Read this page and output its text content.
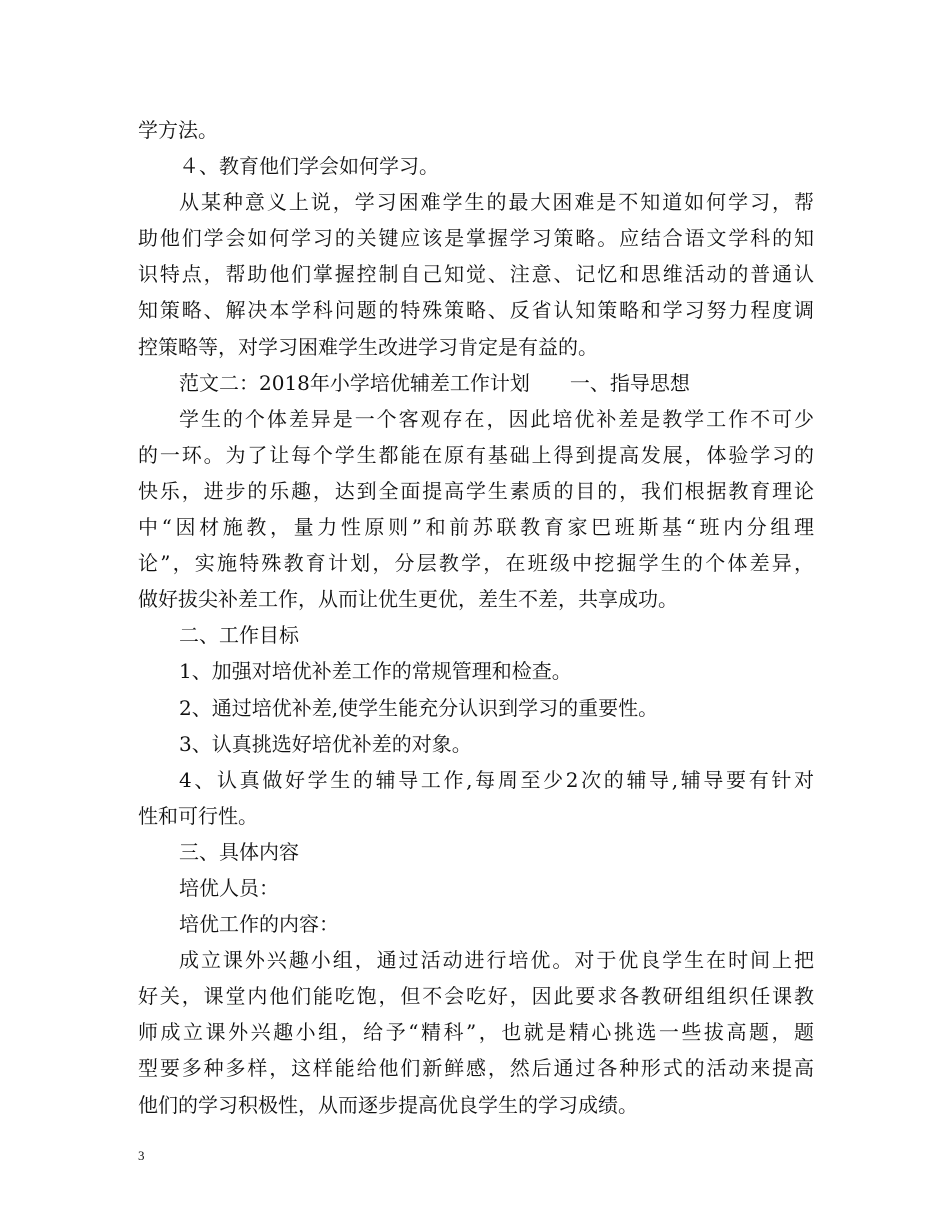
学方法。
４、教育他们学会如何学习。
从某种意义上说，学习困难学生的最大困难是不知道如何学习，帮
助他们学会如何学习的关键应该是掌握学习策略。应结合语文学科的知
识特点，帮助他们掌握控制自己知觉、注意、记忆和思维活动的普通认
知策略、解决本学科问题的特殊策略、反省认知策略和学习努力程度调
控策略等，对学习困难学生改进学习肯定是有益的。
范文二：2018年小学培优辅差工作计划　　一、指导思想
学生的个体差异是一个客观存在，因此培优补差是教学工作不可少
的一环。为了让每个学生都能在原有基础上得到提高发展，体验学习的
快乐，进步的乐趣，达到全面提高学生素质的目的，我们根据教育理论
中“因材施教，量力性原则”和前苏联教育家巴班斯基“班内分组理
论”，实施特殊教育计划，分层教学，在班级中挖掘学生的个体差异，
做好拔尖补差工作，从而让优生更优，差生不差，共享成功。
二、工作目标
1、加强对培优补差工作的常规管理和检查。
2、通过培优补差,使学生能充分认识到学习的重要性。
3、认真挑选好培优补差的对象。
4、认真做好学生的辅导工作,每周至少2次的辅导,辅导要有针对
性和可行性。
三、具体内容
培优人员：
培优工作的内容：
成立课外兴趣小组，通过活动进行培优。对于优良学生在时间上把
好关，课堂内他们能吃饱，但不会吃好，因此要求各教研组组织任课教
师成立课外兴趣小组，给予“精科”，也就是精心挑选一些拔高题，题
型要多种多样，这样能给他们新鲜感，然后通过各种形式的活动来提高
他们的学习积极性，从而逐步提高优良学生的学习成绩。
3
